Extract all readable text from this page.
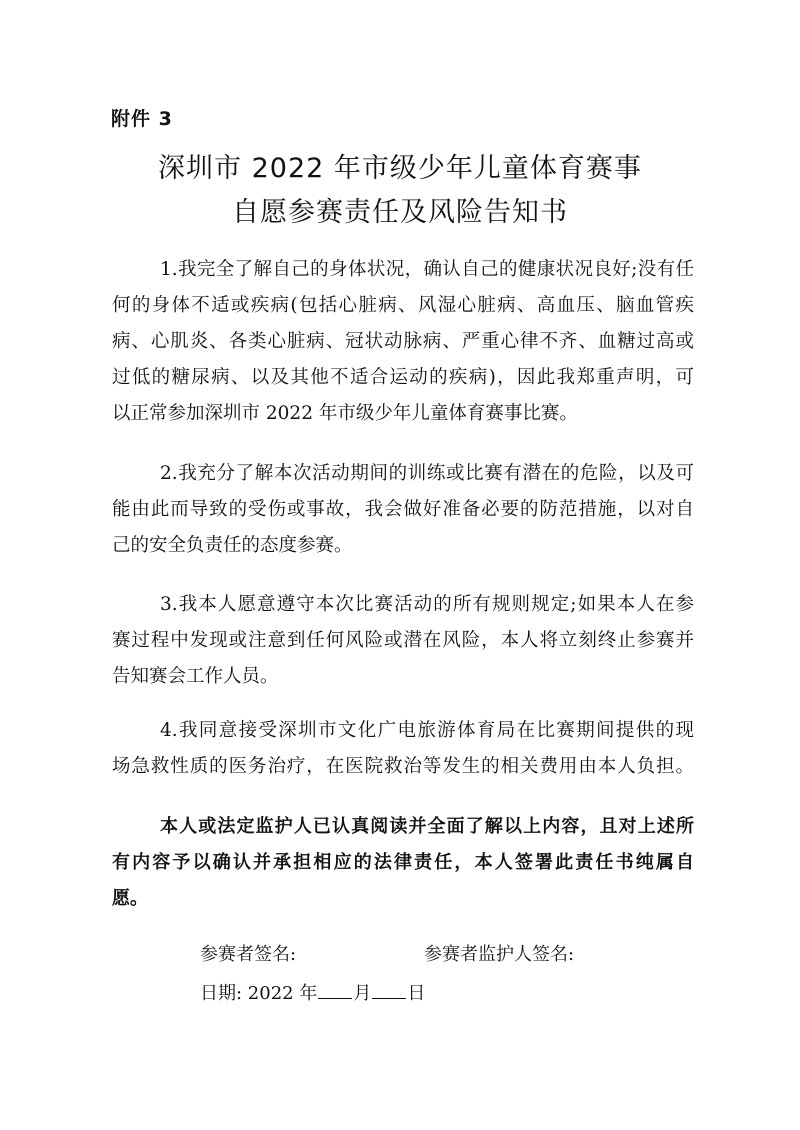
附件 3
深圳市 2022 年市级少年儿童体育赛事
自愿参赛责任及风险告知书
1.我完全了解自己的身体状况，确认自己的健康状况良好;没有任
何的身体不适或疾病(包括心脏病、风湿心脏病、高血压、脑血管疾
病、心肌炎、各类心脏病、冠状动脉病、严重心律不齐、血糖过高或
过低的糖尿病、以及其他不适合运动的疾病)，因此我郑重声明，可
以正常参加深圳市 2022 年市级少年儿童体育赛事比赛。
2.我充分了解本次活动期间的训练或比赛有潜在的危险，以及可
能由此而导致的受伤或事故，我会做好准备必要的防范措施，以对自
己的安全负责任的态度参赛。
3.我本人愿意遵守本次比赛活动的所有规则规定;如果本人在参
赛过程中发现或注意到任何风险或潜在风险，本人将立刻终止参赛并
告知赛会工作人员。
4.我同意接受深圳市文化广电旅游体育局在比赛期间提供的现
场急救性质的医务治疗，在医院救治等发生的相关费用由本人负担。
本人或法定监护人已认真阅读并全面了解以上内容，且对上述所
有内容予以确认并承担相应的法律责任，本人签署此责任书纯属自
愿。
参赛者签名:	参赛者监护人签名:
日期: 2022 年 月 日
